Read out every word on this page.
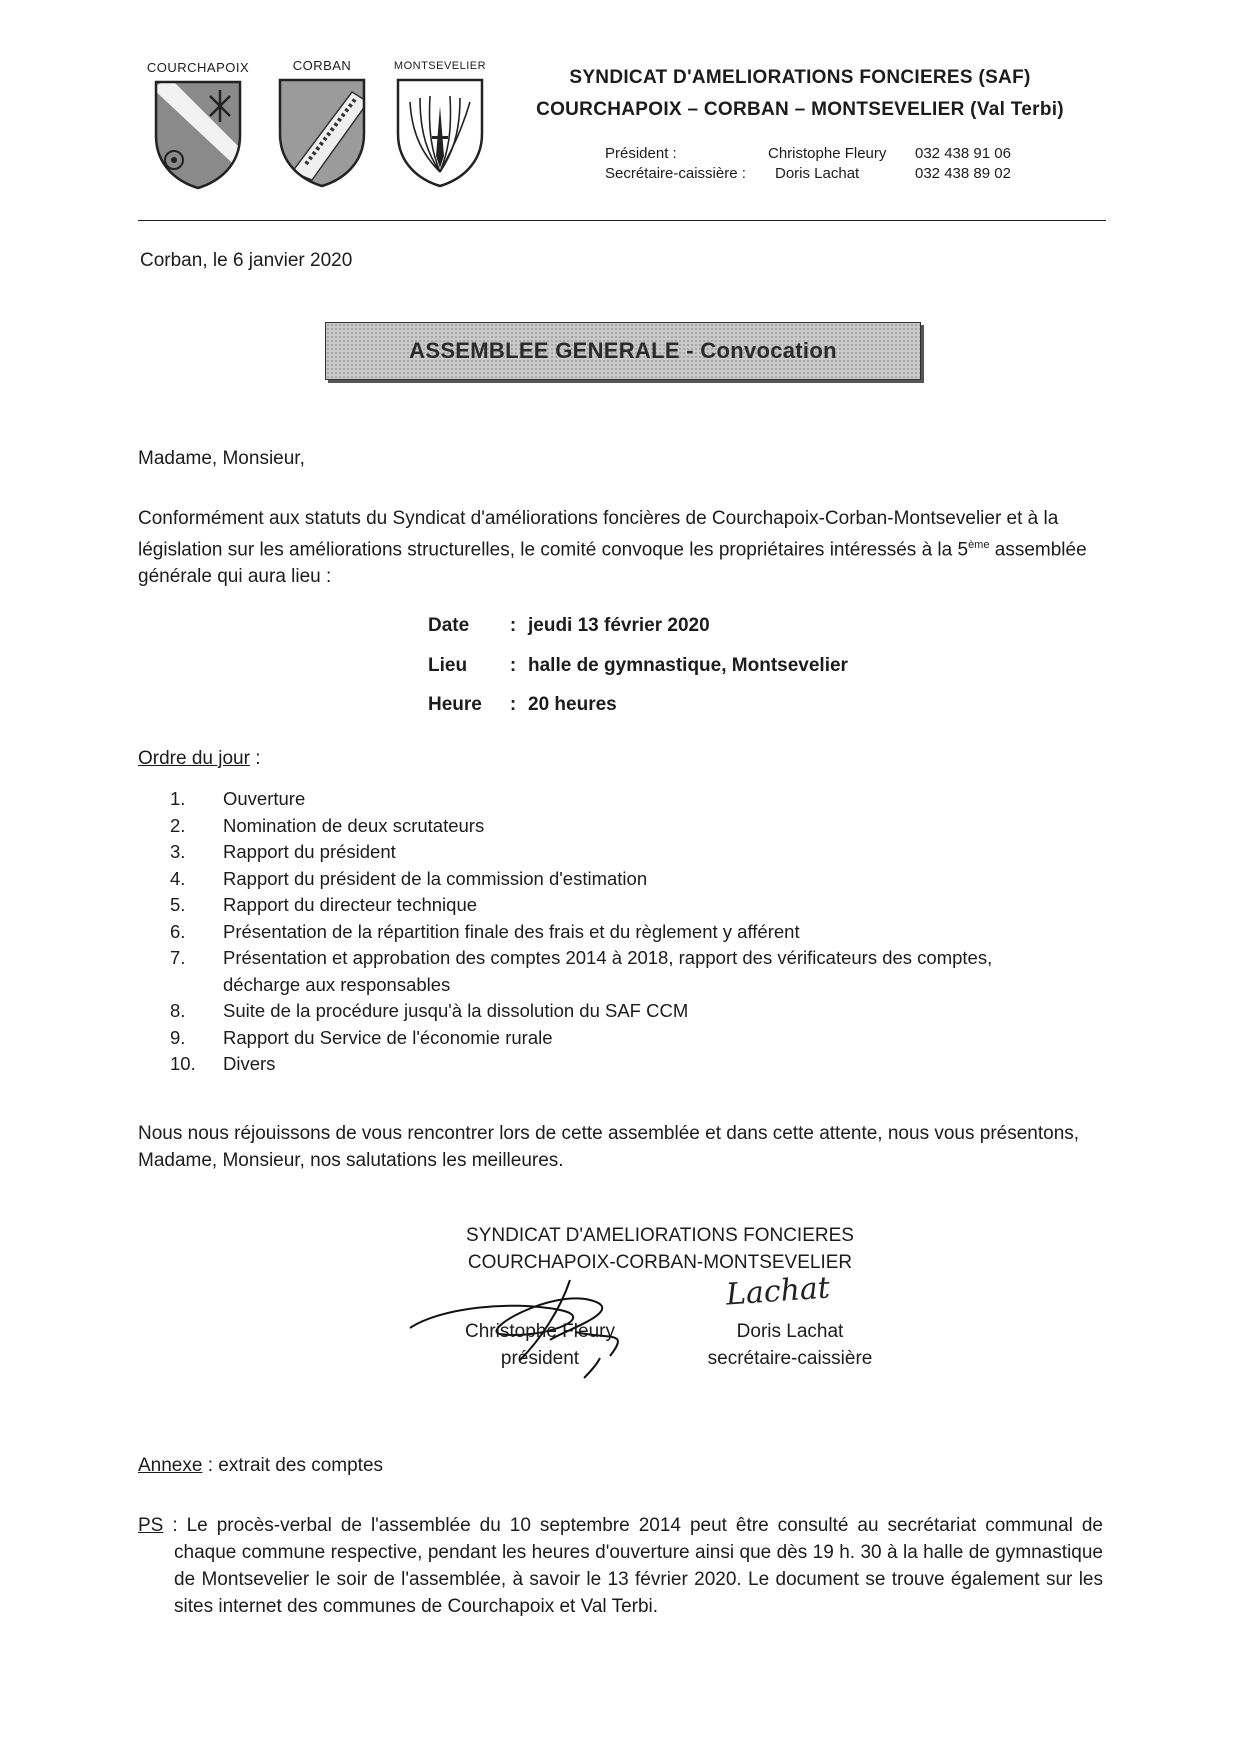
COURCHAPOIX	CORBAN	MONTSEVELIER
SYNDICAT D'AMELIORATIONS FONCIERES (SAF)
COURCHAPOIX – CORBAN – MONTSEVELIER (Val Terbi)
Président :	Christophe Fleury 032 438 91 06
Secrétaire-caissière : Doris Lachat	032 438 89 02
Corban, le 6 janvier 2020
ASSEMBLEE GENERALE - Convocation
Madame, Monsieur,
Conformément aux statuts du Syndicat d'améliorations foncières de Courchapoix-Corban-Montsevelier et à la législation sur les améliorations structurelles, le comité convoque les propriétaires intéressés à la 5ème assemblée générale qui aura lieu :
Date : jeudi 13 février 2020
Lieu : halle de gymnastique, Montsevelier
Heure : 20 heures
Ordre du jour :
1.	Ouverture
2.	Nomination de deux scrutateurs
3.	Rapport du président
4.	Rapport du président de la commission d'estimation
5.	Rapport du directeur technique
6.	Présentation de la répartition finale des frais et du règlement y afférent
7.	Présentation et approbation des comptes 2014 à 2018, rapport des vérificateurs des comptes, décharge aux responsables
8.	Suite de la procédure jusqu'à la dissolution du SAF CCM
9.	Rapport du Service de l'économie rurale
10. Divers
Nous nous réjouissons de vous rencontrer lors de cette assemblée et dans cette attente, nous vous présentons, Madame, Monsieur, nos salutations les meilleures.
SYNDICAT D'AMELIORATIONS FONCIERES
COURCHAPOIX-CORBAN-MONTSEVELIER
Christophe Fleury
président
Lachat
Doris Lachat
secrétaire-caissière
Annexe : extrait des comptes
PS : Le procès-verbal de l'assemblée du 10 septembre 2014 peut être consulté au secrétariat communal de chaque commune respective, pendant les heures d'ouverture ainsi que dès 19 h. 30 à la halle de gymnastique de Montsevelier le soir de l'assemblée, à savoir le 13 février 2020. Le document se trouve également sur les sites internet des communes de Courchapoix et Val Terbi.
